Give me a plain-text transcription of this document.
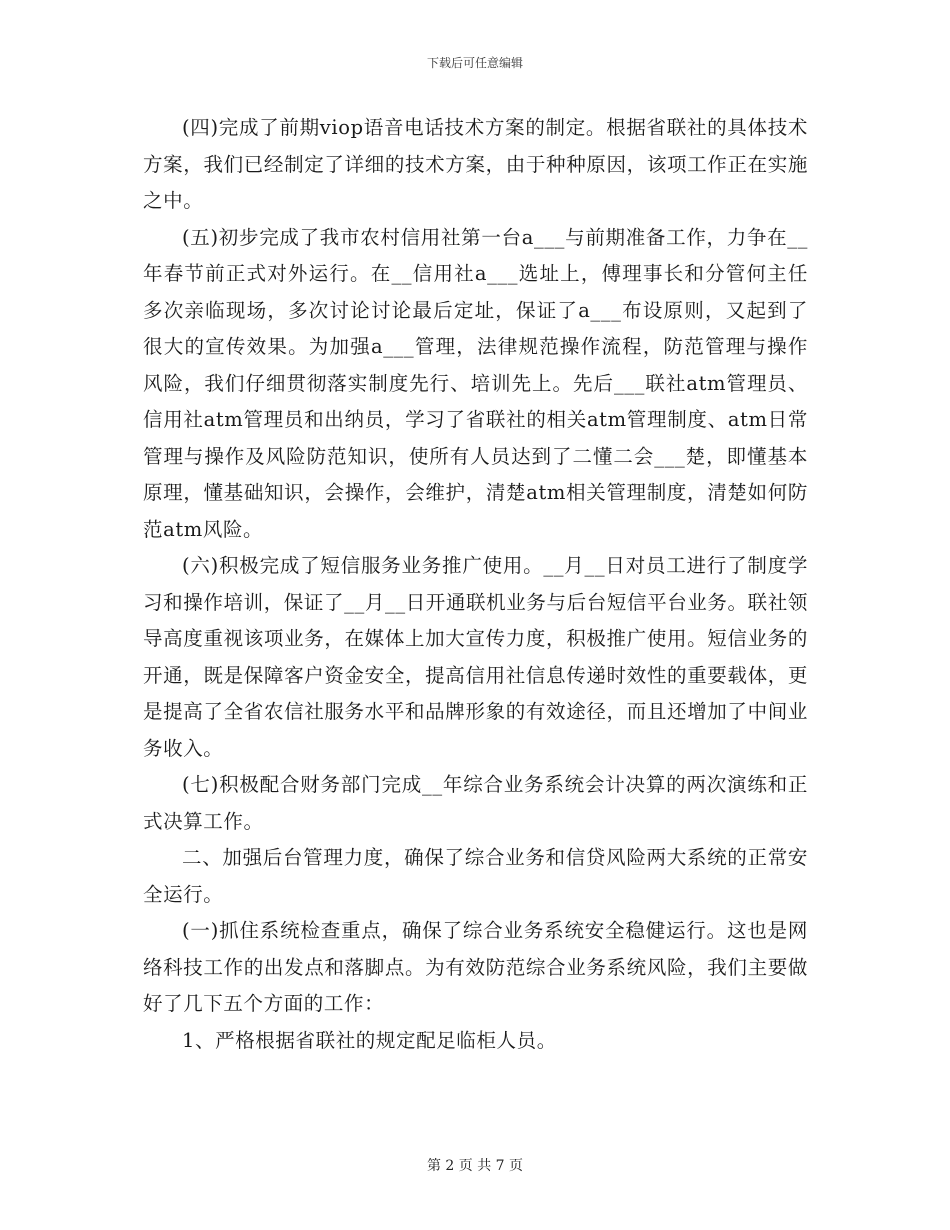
下载后可任意编辑

(四)完成了前期viop语音电话技术方案的制定。根据省联社的具体技术方案，我们已经制定了详细的技术方案，由于种种原因，该项工作正在实施之中。

(五)初步完成了我市农村信用社第一台a___与前期准备工作，力争在__年春节前正式对外运行。在__信用社a___选址上，傅理事长和分管何主任多次亲临现场，多次讨论讨论最后定址，保证了a___布设原则，又起到了很大的宣传效果。为加强a___管理，法律规范操作流程，防范管理与操作风险，我们仔细贯彻落实制度先行、培训先上。先后___联社atm管理员、信用社atm管理员和出纳员，学习了省联社的相关atm管理制度、atm日常管理与操作及风险防范知识，使所有人员达到了二懂二会___楚，即懂基本原理，懂基础知识，会操作，会维护，清楚atm相关管理制度，清楚如何防范atm风险。

(六)积极完成了短信服务业务推广使用。__月__日对员工进行了制度学习和操作培训，保证了__月__日开通联机业务与后台短信平台业务。联社领导高度重视该项业务，在媒体上加大宣传力度，积极推广使用。短信业务的开通，既是保障客户资金安全，提高信用社信息传递时效性的重要载体，更是提高了全省农信社服务水平和品牌形象的有效途径，而且还增加了中间业务收入。

(七)积极配合财务部门完成__年综合业务系统会计决算的两次演练和正式决算工作。

二、加强后台管理力度，确保了综合业务和信贷风险两大系统的正常安全运行。

(一)抓住系统检查重点，确保了综合业务系统安全稳健运行。这也是网络科技工作的出发点和落脚点。为有效防范综合业务系统风险，我们主要做好了几下五个方面的工作：

1、严格根据省联社的规定配足临柜人员。

第 2 页 共 7 页
